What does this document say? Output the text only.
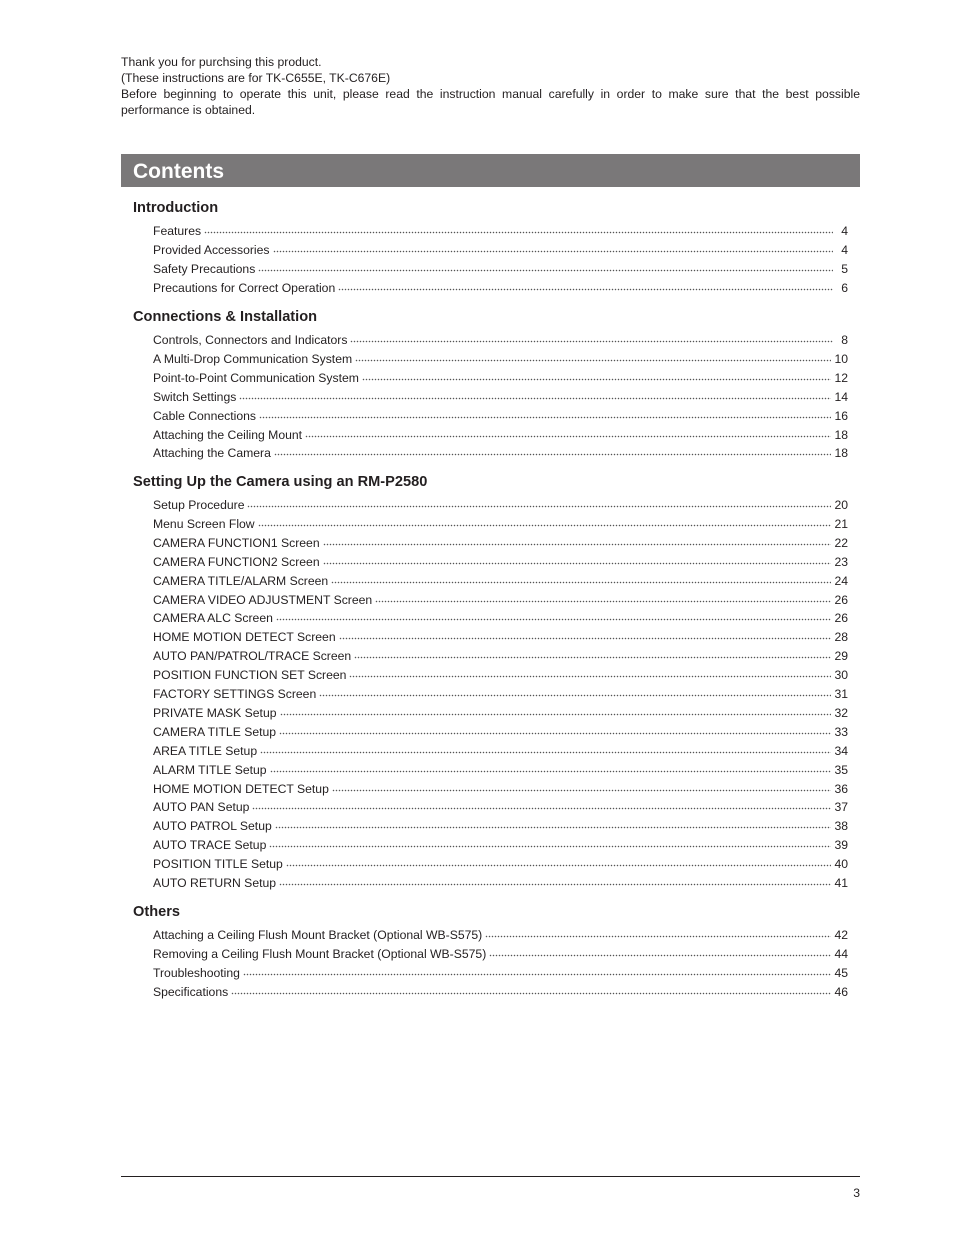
Thank you for purchsing this product.
(These instructions are for TK-C655E, TK-C676E)
Before beginning to operate this unit, please read the instruction manual carefully in order to make sure that the best possible performance is obtained.
Contents
Introduction
Features	4
Provided Accessories	4
Safety Precautions	5
Precautions for Correct Operation	6
Connections & Installation
Controls, Connectors and Indicators	8
A Multi-Drop Communication System	10
Point-to-Point Communication System	12
Switch Settings	14
Cable Connections	16
Attaching the Ceiling Mount	18
Attaching the Camera	18
Setting Up the Camera using an RM-P2580
Setup Procedure	20
Menu Screen Flow	21
CAMERA FUNCTION1 Screen	22
CAMERA FUNCTION2 Screen	23
CAMERA TITLE/ALARM Screen	24
CAMERA VIDEO ADJUSTMENT Screen	26
CAMERA ALC Screen	26
HOME MOTION DETECT Screen	28
AUTO PAN/PATROL/TRACE Screen	29
POSITION FUNCTION SET Screen	30
FACTORY SETTINGS Screen	31
PRIVATE MASK Setup	32
CAMERA TITLE Setup	33
AREA TITLE Setup	34
ALARM TITLE Setup	35
HOME MOTION DETECT Setup	36
AUTO PAN Setup	37
AUTO PATROL Setup	38
AUTO TRACE Setup	39
POSITION TITLE Setup	40
AUTO RETURN Setup	41
Others
Attaching a Ceiling Flush Mount Bracket (Optional WB-S575)	42
Removing a Ceiling Flush Mount Bracket (Optional WB-S575)	44
Troubleshooting	45
Specifications	46
3
